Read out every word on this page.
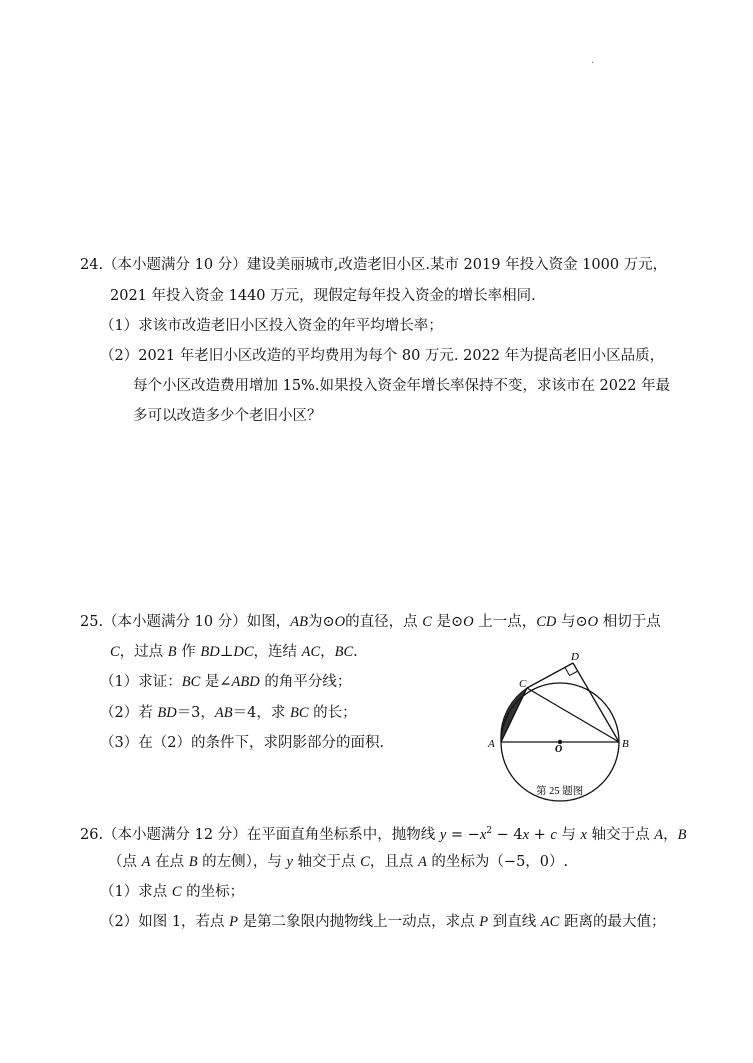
·
24.（本小题满分 10 分）建设美丽城市,改造老旧小区.某市 2019 年投入资金 1000 万元，
2021 年投入资金 1440 万元，现假定每年投入资金的增长率相同.
（1）求该市改造老旧小区投入资金的年平均增长率；
（2）2021 年老旧小区改造的平均费用为每个 80 万元. 2022 年为提高老旧小区品质，
每个小区改造费用增加 15%.如果投入资金年增长率保持不变，求该市在 2022 年最
多可以改造多少个老旧小区？
25.（本小题满分 10 分）如图，AB为⊙O的直径，点 C 是⊙O 上一点，CD 与⊙O 相切于点
C，过点 B 作 BD⊥DC，连结 AC，BC.
（1）求证：BC 是∠ABD 的角平分线；
（2）若 BD＝3，AB＝4，求 BC 的长；
（3）在（2）的条件下，求阴影部分的面积.
D
C
A	O	B
第 25 题图
26.（本小题满分 12 分）在平面直角坐标系中，抛物线 $y = -x^2 - 4x + c$ 与 x 轴交于点 A，B
（点 A 在点 B 的左侧），与 y 轴交于点 C，且点 A 的坐标为（−5，0）.
（1）求点 C 的坐标；
（2）如图 1，若点 P 是第二象限内抛物线上一动点，求点 P 到直线 AC 距离的最大值；
